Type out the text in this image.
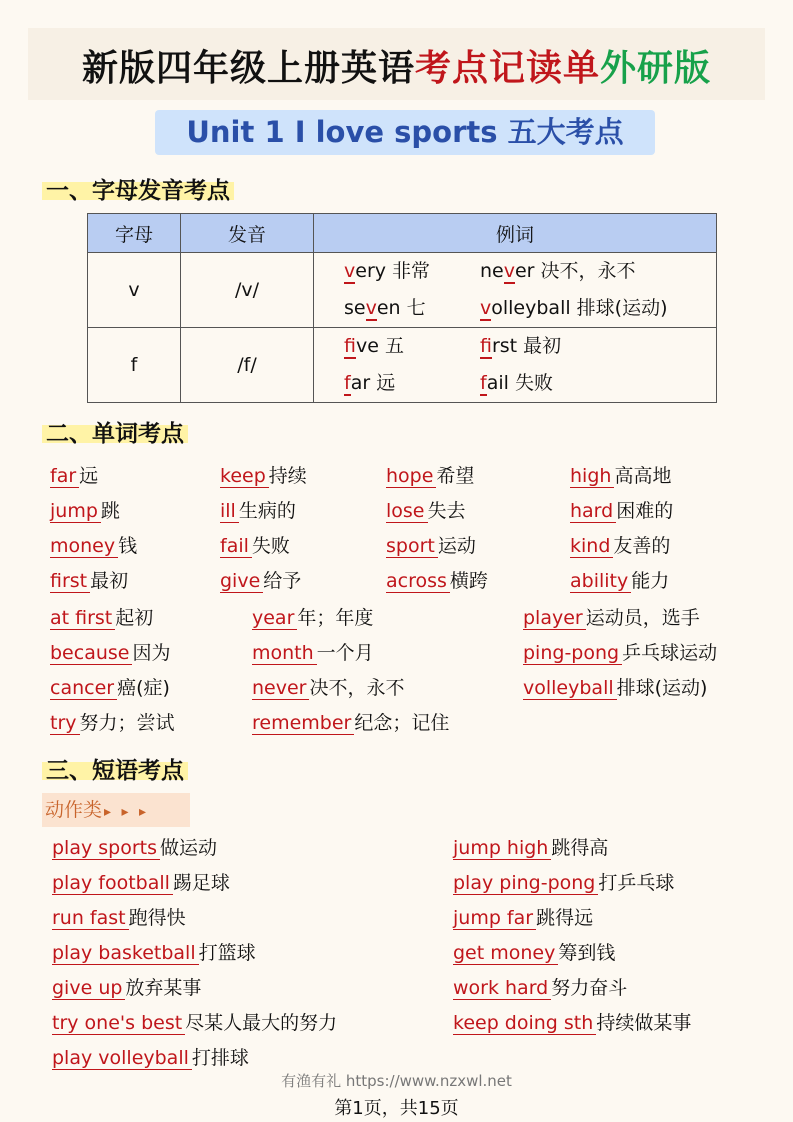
新版四年级上册英语考点记读单外研版
Unit 1 I love sports 五大考点
一、字母发音考点
字母	发音	例词
v	/v/	very 非常 never 决不，永不
seven 七 volleyball 排球(运动)

f	/f/	five 五 first 最初
far 远 fail 失败
二、单词考点
far 远	keep 持续	hope 希望	high 高高地
jump 跳	ill 生病的	lose 失去	hard 困难的
money 钱	fail 失败	sport 运动	kind 友善的
first 最初	give 给予	across 横跨	ability 能力
at first 起初	year 年；年度	player 运动员，选手
because 因为	month 一个月	ping-pong 乒乓球运动
cancer 癌(症)	never 决不，永不	volleyball 排球(运动)
try 努力；尝试	remember 纪念；记住
三、短语考点
动作类 ▸ ▸ ▸
play sports 做运动	jump high 跳得高
play football 踢足球	play ping-pong 打乒乓球
run fast 跑得快	jump far 跳得远
play basketball 打篮球	get money 筹到钱
give up 放弃某事	work hard 努力奋斗
try one's best 尽某人最大的努力	keep doing sth 持续做某事
play volleyball 打排球
有渔有礼 https://www.nzxwl.net
第1页，共15页
